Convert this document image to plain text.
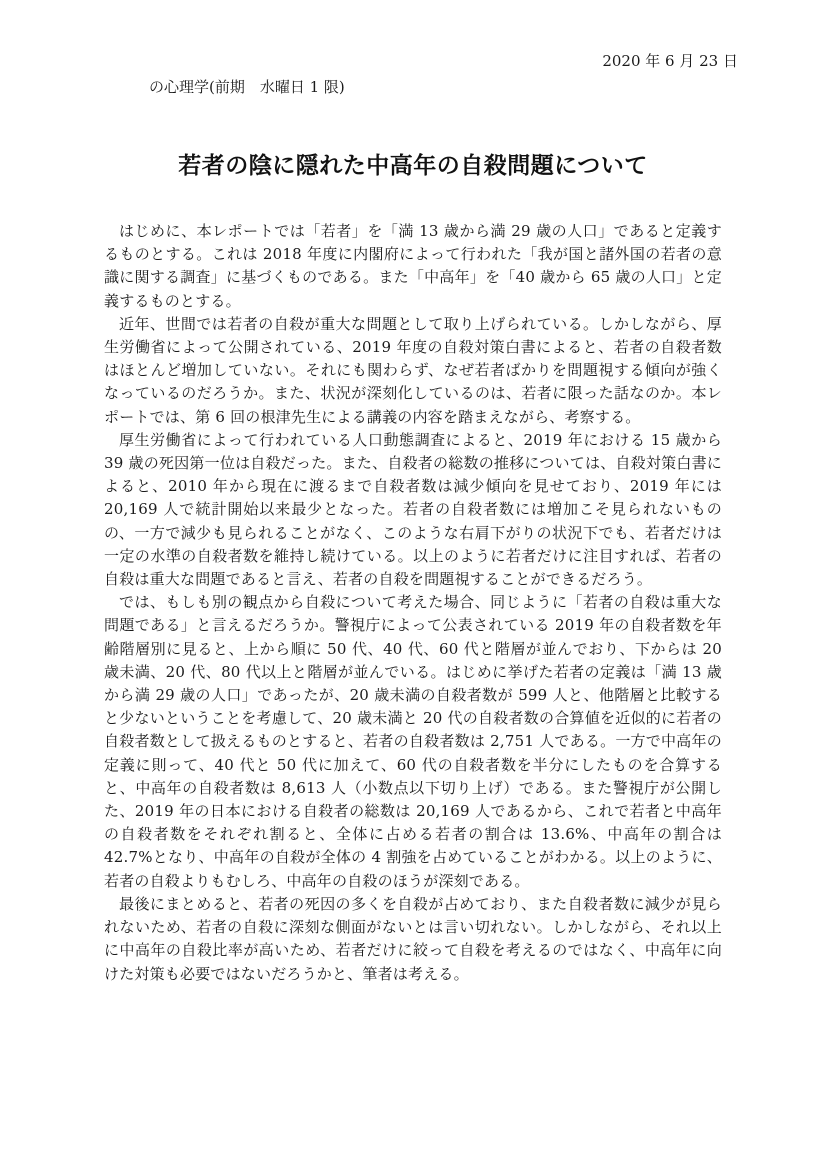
2020 年 6 月 23 日
の心理学(前期　水曜日 1 限)
若者の陰に隠れた中高年の自殺問題について

はじめに、本レポートでは「若者」を「満 13 歳から満 29 歳の人口」であると定義するものとする。これは 2018 年度に内閣府によって行われた「我が国と諸外国の若者の意識に関する調査」に基づくものである。また「中高年」を「40 歳から 65 歳の人口」と定義するものとする。

近年、世間では若者の自殺が重大な問題として取り上げられている。しかしながら、厚生労働省によって公開されている、2019 年度の自殺対策白書によると、若者の自殺者数はほとんど増加していない。それにも関わらず、なぜ若者ばかりを問題視する傾向が強くなっているのだろうか。また、状況が深刻化しているのは、若者に限った話なのか。本レポートでは、第 6 回の根津先生による講義の内容を踏まえながら、考察する。

厚生労働省によって行われている人口動態調査によると、2019 年における 15 歳から 39 歳の死因第一位は自殺だった。また、自殺者の総数の推移については、自殺対策白書によると、2010 年から現在に渡るまで自殺者数は減少傾向を見せており、2019 年には 20,169 人で統計開始以来最少となった。若者の自殺者数には増加こそ見られないものの、一方で減少も見られることがなく、このような右肩下がりの状況下でも、若者だけは一定の水準の自殺者数を維持し続けている。以上のように若者だけに注目すれば、若者の自殺は重大な問題であると言え、若者の自殺を問題視することができるだろう。

では、もしも別の観点から自殺について考えた場合、同じように「若者の自殺は重大な問題である」と言えるだろうか。警視庁によって公表されている 2019 年の自殺者数を年齢階層別に見ると、上から順に 50 代、40 代、60 代と階層が並んでおり、下からは 20 歳未満、20 代、80 代以上と階層が並んでいる。はじめに挙げた若者の定義は「満 13 歳から満 29 歳の人口」であったが、20 歳未満の自殺者数が 599 人と、他階層と比較すると少ないということを考慮して、20 歳未満と 20 代の自殺者数の合算値を近似的に若者の自殺者数として扱えるものとすると、若者の自殺者数は 2,751 人である。一方で中高年の定義に則って、40 代と 50 代に加えて、60 代の自殺者数を半分にしたものを合算すると、中高年の自殺者数は 8,613 人（小数点以下切り上げ）である。また警視庁が公開した、2019 年の日本における自殺者の総数は 20,169 人であるから、これで若者と中高年の自殺者数をそれぞれ割ると、全体に占める若者の割合は 13.6%、中高年の割合は 42.7%となり、中高年の自殺が全体の 4 割強を占めていることがわかる。以上のように、若者の自殺よりもむしろ、中高年の自殺のほうが深刻である。

最後にまとめると、若者の死因の多くを自殺が占めており、また自殺者数に減少が見られないため、若者の自殺に深刻な側面がないとは言い切れない。しかしながら、それ以上に中高年の自殺比率が高いため、若者だけに絞って自殺を考えるのではなく、中高年に向けた対策も必要ではないだろうかと、筆者は考える。
